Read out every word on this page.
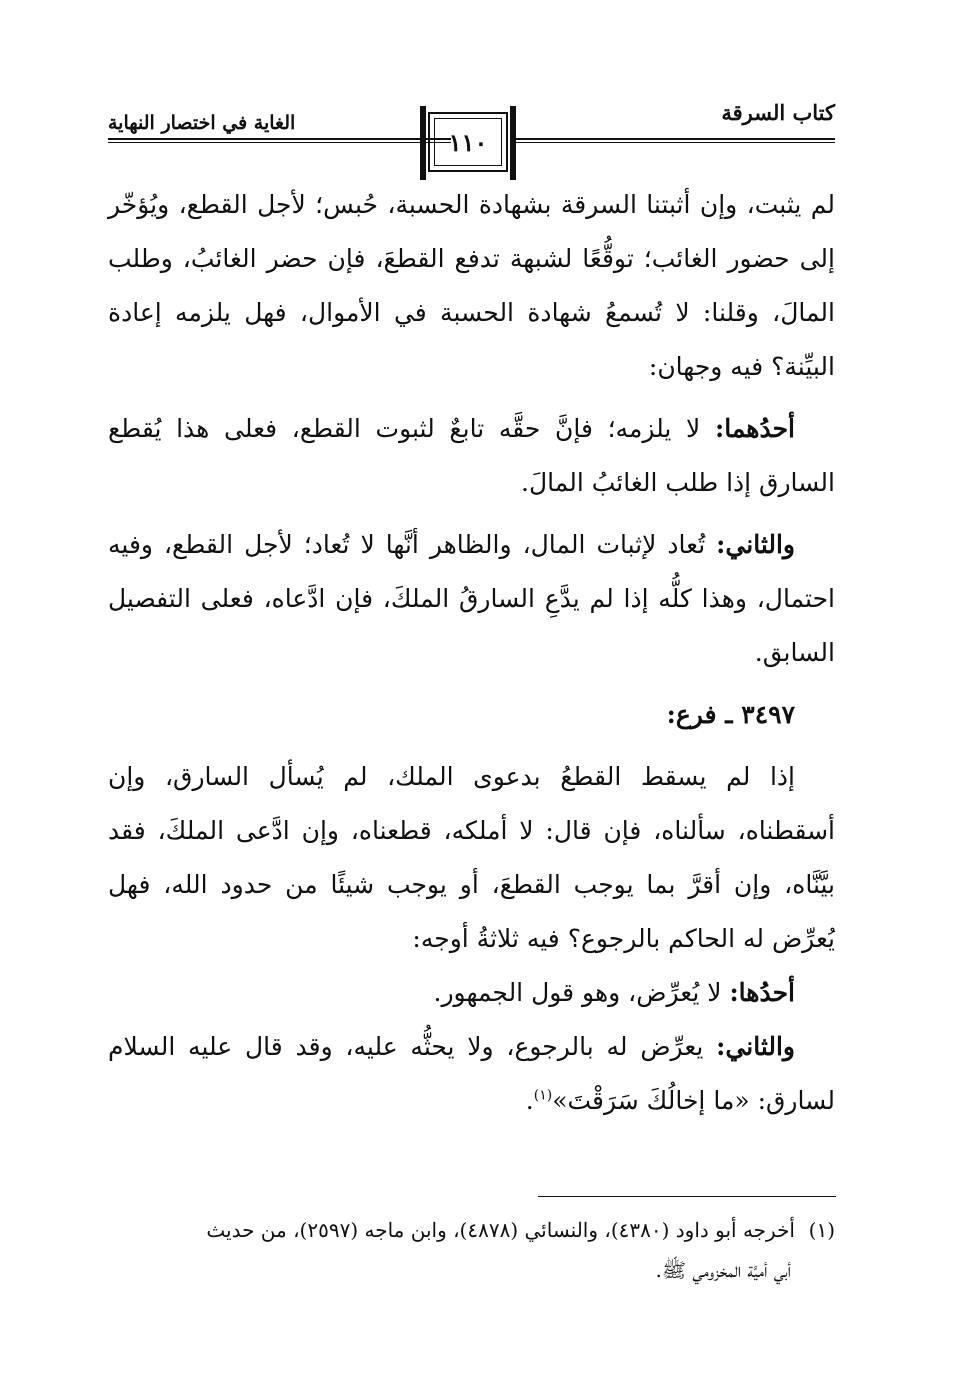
كتاب السرقة
الغاية في اختصار النهاية
١١٠

لم يثبت، وإن أثبتنا السرقة بشهادة الحسبة، حُبس؛ لأجل القطع، ويُؤخّر إلى حضور الغائب؛ توقُّعًا لشبهة تدفع القطعَ، فإن حضر الغائبُ، وطلب المالَ، وقلنا: لا تُسمعُ شهادة الحسبة في الأموال، فهل يلزمه إعادة البيِّنة؟ فيه وجهان:

أحدُهما: لا يلزمه؛ فإنَّ حقَّه تابعٌ لثبوت القطع، فعلى هذا يُقطع السارق إذا طلب الغائبُ المالَ.

والثاني: تُعاد لإثبات المال، والظاهر أنَّها لا تُعاد؛ لأجل القطع، وفيه احتمال، وهذا كلُّه إذا لم يدَّعِ السارقُ الملكَ، فإن ادَّعاه، فعلى التفصيل السابق.

٣٤٩٧ ـ فرع:

إذا لم يسقط القطعُ بدعوى الملك، لم يُسأل السارق، وإن أسقطناه، سألناه، فإن قال: لا أملكه، قطعناه، وإن ادَّعى الملكَ، فقد بيَّنَّاه، وإن أقرَّ بما يوجب القطعَ، أو يوجب شيئًا من حدود الله، فهل يُعرِّض له الحاكم بالرجوع؟ فيه ثلاثةُ أوجه:

أحدُها: لا يُعرِّض، وهو قول الجمهور.

والثاني: يعرِّض له بالرجوع، ولا يحثُّه عليه، وقد قال عليه السلام لسارق: «ما إخالُكَ سَرَقْتَ»$^{(١)}$.

(١)أخرجه أبو داود (٤٣٨٠)، والنسائي (٤٨٧٨)، وابن ماجه (٢٥٩٧)، من حديث
أبي أميَّة المخزومي ﷺ.
